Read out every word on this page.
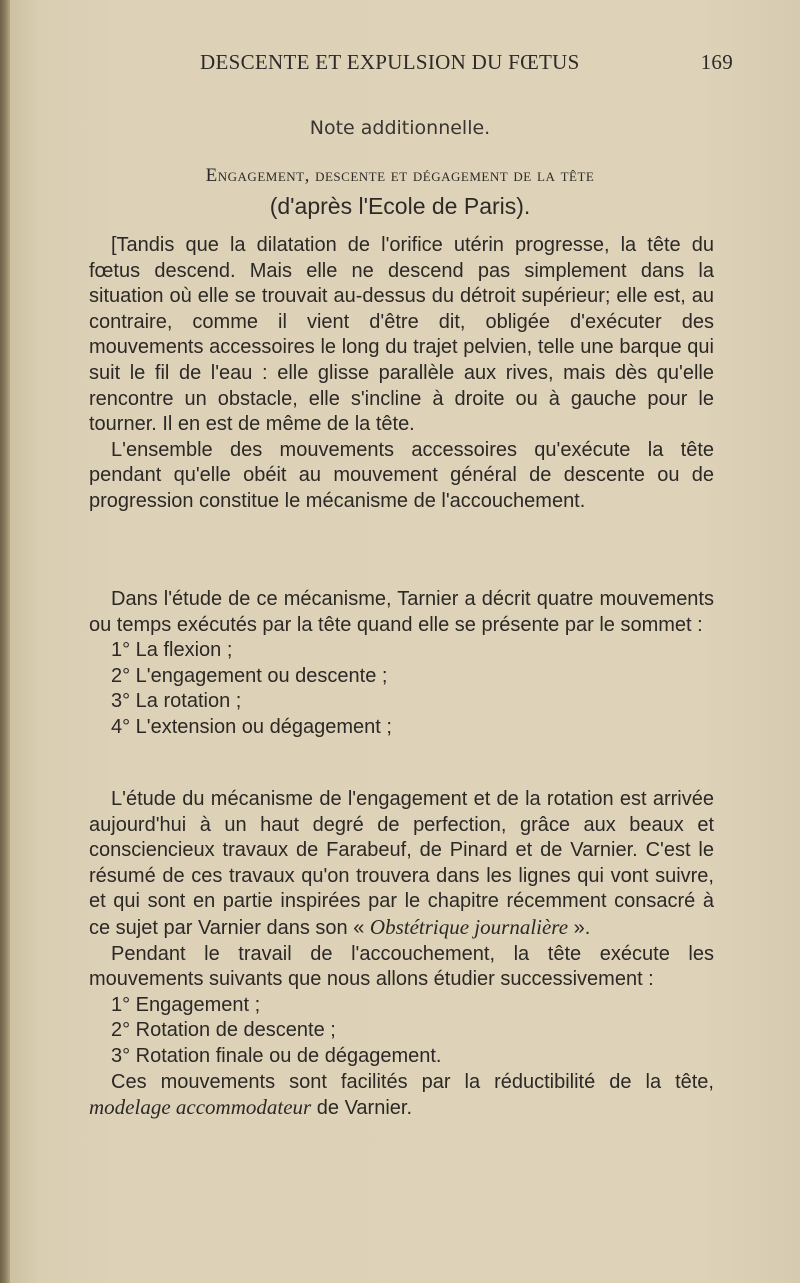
DESCENTE ET EXPULSION DU FŒTUS	169
Note additionnelle.
Engagement, descente et dégagement de la tête
(d'après l'Ecole de Paris).

[Tandis que la dilatation de l'orifice utérin progresse, la tête du fœtus descend. Mais elle ne descend pas simplement dans la situation où elle se trouvait au-dessus du détroit supérieur; elle est, au contraire, comme il vient d'être dit, obligée d'exécuter des mouvements accessoires le long du trajet pelvien, telle une barque qui suit le fil de l'eau : elle glisse parallèle aux rives, mais dès qu'elle rencontre un obstacle, elle s'incline à droite ou à gauche pour le tourner. Il en est de même de la tête.

L'ensemble des mouvements accessoires qu'exécute la tête pendant qu'elle obéit au mouvement général de descente ou de progression constitue le mécanisme de l'accouchement.

Dans l'étude de ce mécanisme, Tarnier a décrit quatre mouvements ou temps exécutés par la tête quand elle se présente par le sommet :

1° La flexion ;
2° L'engagement ou descente ;
3° La rotation ;
4° L'extension ou dégagement ;

L'étude du mécanisme de l'engagement et de la rotation est arrivée aujourd'hui à un haut degré de perfection, grâce aux beaux et consciencieux travaux de Farabeuf, de Pinard et de Varnier. C'est le résumé de ces travaux qu'on trouvera dans les lignes qui vont suivre, et qui sont en partie inspirées par le chapitre récemment consacré à ce sujet par Varnier dans son « Obstétrique journalière ».

Pendant le travail de l'accouchement, la tête exécute les mouvements suivants que nous allons étudier successivement :

1° Engagement ;
2° Rotation de descente ;
3° Rotation finale ou de dégagement.

Ces mouvements sont facilités par la réductibilité de la tête, modelage accommodateur de Varnier.
